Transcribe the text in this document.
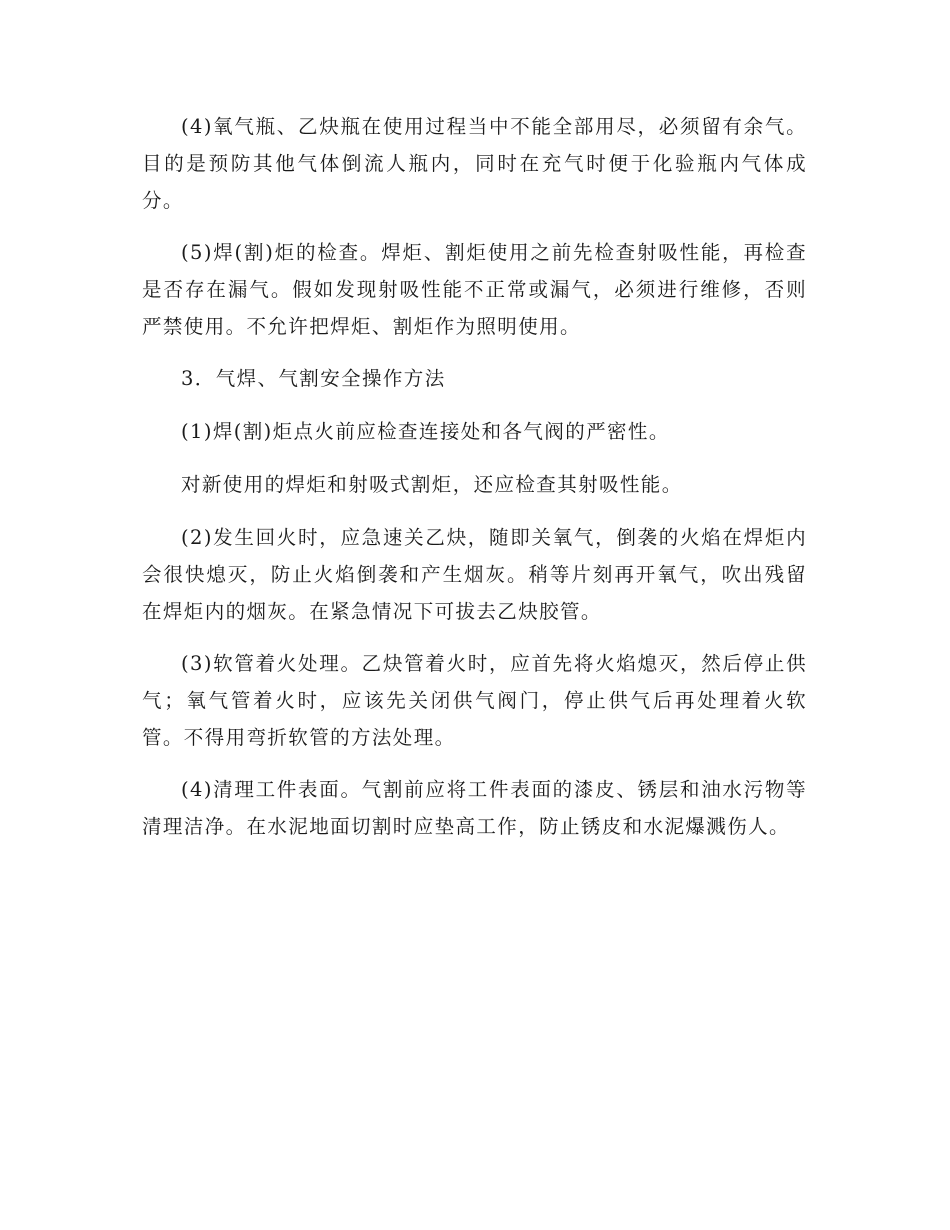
(4)氧气瓶、乙炔瓶在使用过程当中不能全部用尽，必须留有余气。目的是预防其他气体倒流人瓶内，同时在充气时便于化验瓶内气体成分。

(5)焊(割)炬的检查。焊炬、割炬使用之前先检查射吸性能，再检查是否存在漏气。假如发现射吸性能不正常或漏气，必须进行维修，否则严禁使用。不允许把焊炬、割炬作为照明使用。

3．气焊、气割安全操作方法

(1)焊(割)炬点火前应检查连接处和各气阀的严密性。

对新使用的焊炬和射吸式割炬，还应检查其射吸性能。

(2)发生回火时，应急速关乙炔，随即关氧气，倒袭的火焰在焊炬内会很快熄灭，防止火焰倒袭和产生烟灰。稍等片刻再开氧气，吹出残留在焊炬内的烟灰。在紧急情况下可拔去乙炔胶管。

(3)软管着火处理。乙炔管着火时，应首先将火焰熄灭，然后停止供气；氧气管着火时，应该先关闭供气阀门，停止供气后再处理着火软管。不得用弯折软管的方法处理。

(4)清理工件表面。气割前应将工件表面的漆皮、锈层和油水污物等清理洁净。在水泥地面切割时应垫高工作，防止锈皮和水泥爆溅伤人。
